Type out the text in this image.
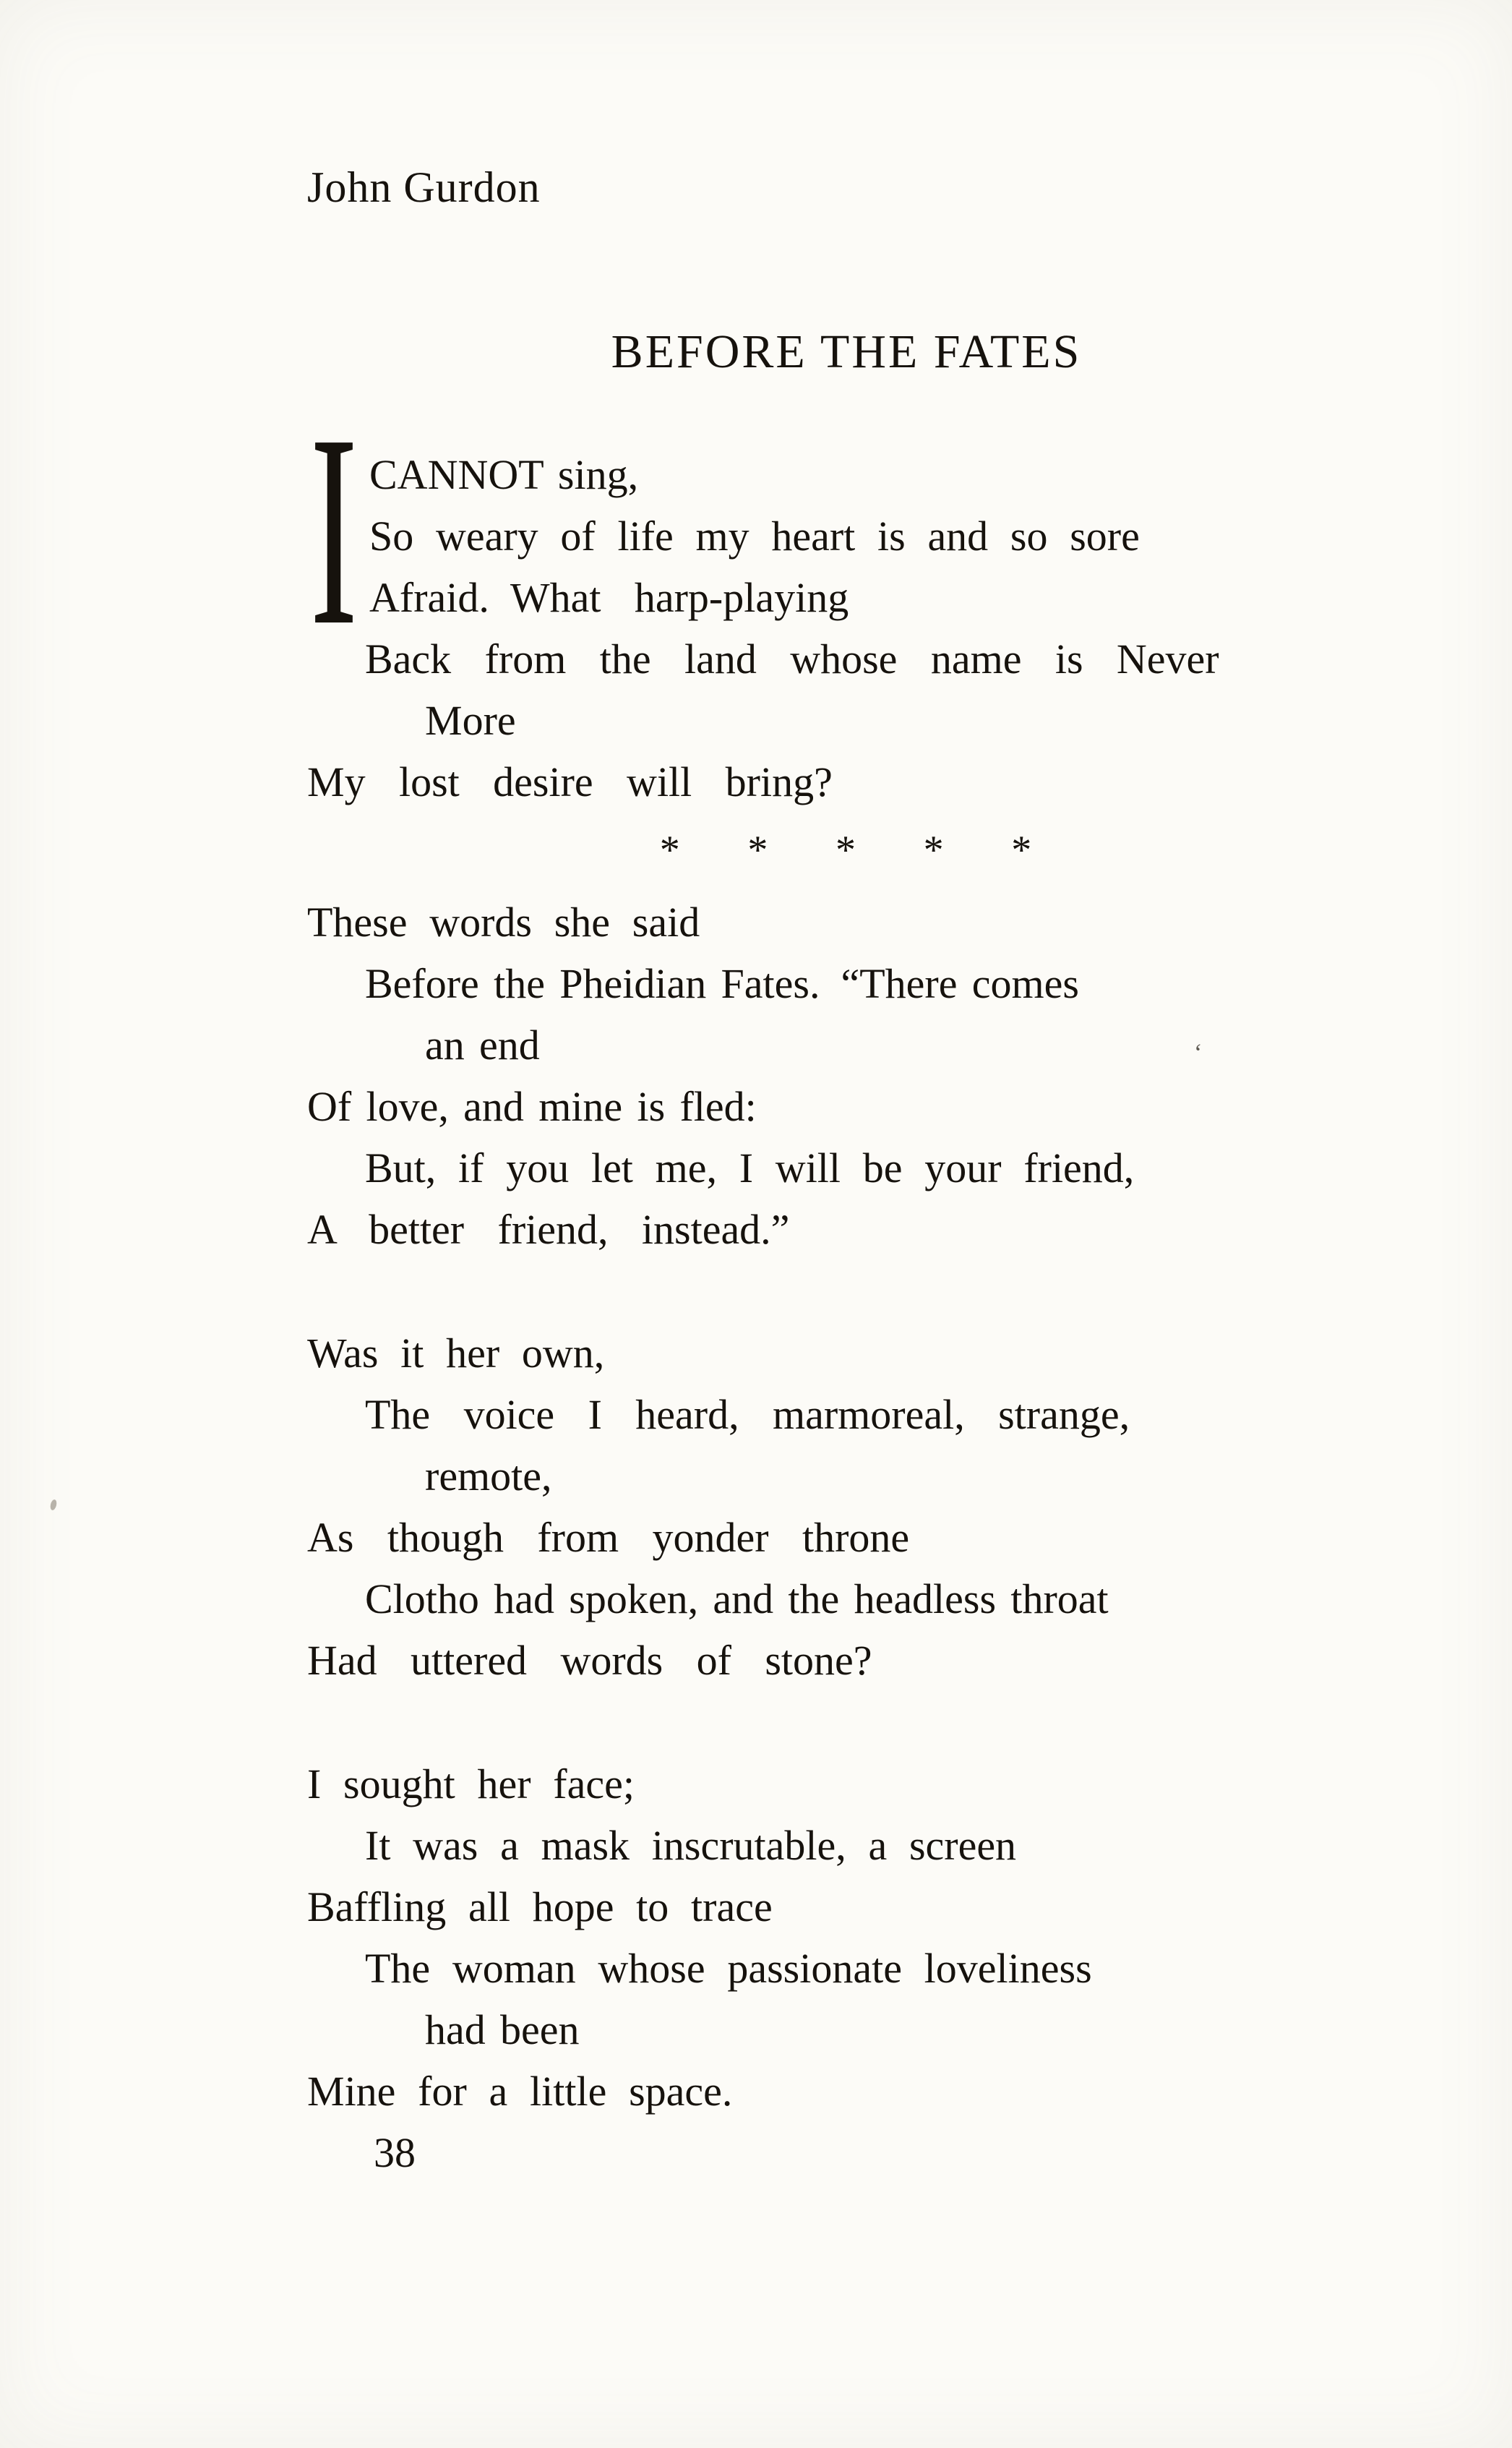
John Gurdon
BEFORE THE FATES
I CANNOT sing,
So weary of life my heart is and so sore
Afraid. What harp-playing
Back from the land whose name is Never
More
My lost desire will bring?
* * * * *
These words she said
Before the Pheidian Fates. “There comes
an end
Of love, and mine is fled:
But, if you let me, I will be your friend,
A better friend, instead.”
Was it her own,
The voice I heard, marmoreal, strange,
remote,
As though from yonder throne
Clotho had spoken, and the headless throat
Had uttered words of stone?
I sought her face;
It was a mask inscrutable, a screen
Baffling all hope to trace
The woman whose passionate loveliness
had been
Mine for a little space.
38
‘
